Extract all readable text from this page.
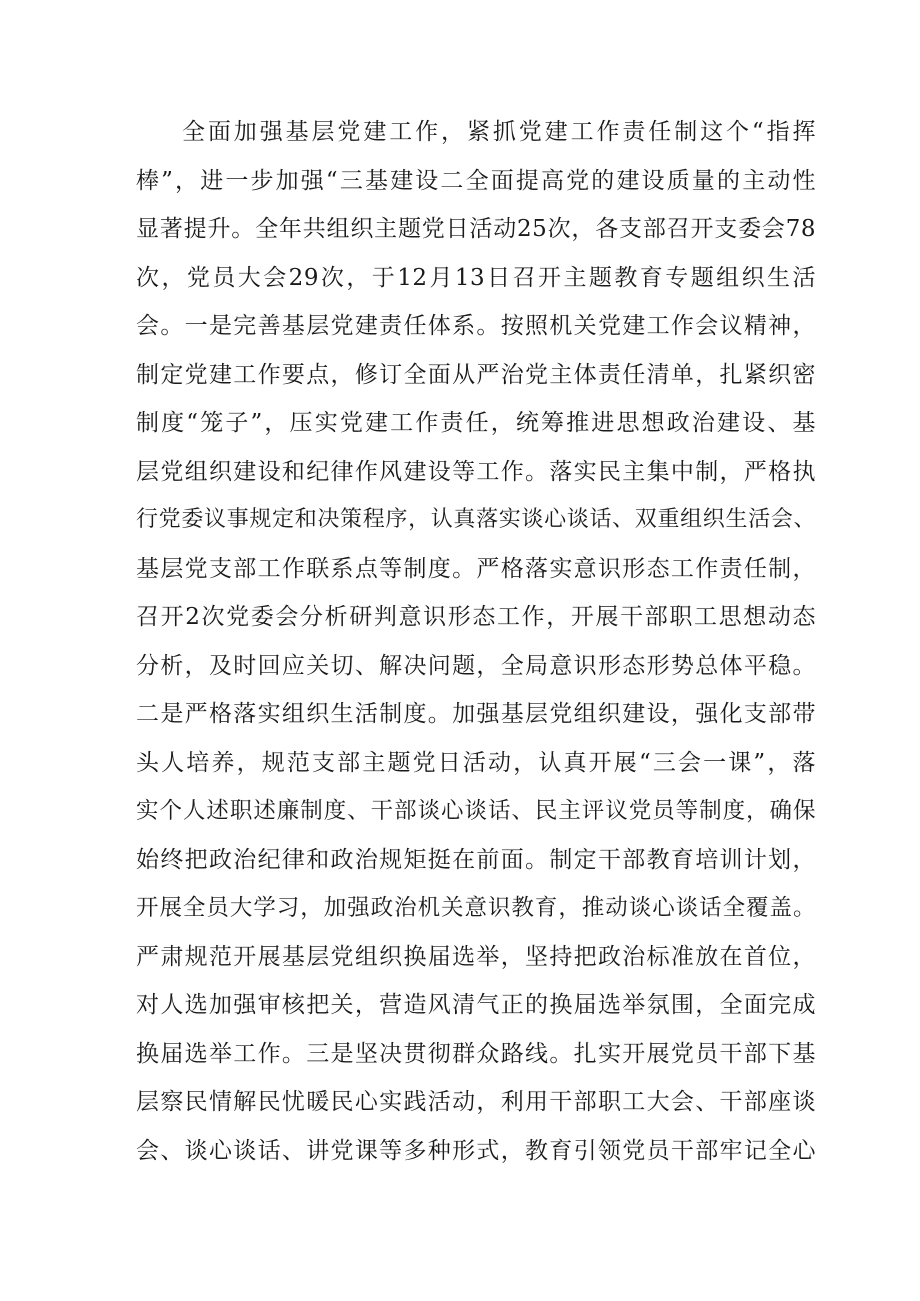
全面加强基层党建工作，紧抓党建工作责任制这个“指挥
棒”，进一步加强“三基建设二全面提高党的建设质量的主动性
显著提升。全年共组织主题党日活动25次，各支部召开支委会78
次，党员大会29次，于12月13日召开主题教育专题组织生活
会。一是完善基层党建责任体系。按照机关党建工作会议精神，
制定党建工作要点，修订全面从严治党主体责任清单，扎紧织密
制度“笼子”，压实党建工作责任，统筹推进思想政治建设、基
层党组织建设和纪律作风建设等工作。落实民主集中制，严格执
行党委议事规定和决策程序，认真落实谈心谈话、双重组织生活会、
基层党支部工作联系点等制度。严格落实意识形态工作责任制，
召开2次党委会分析研判意识形态工作，开展干部职工思想动态
分析，及时回应关切、解决问题，全局意识形态形势总体平稳。
二是严格落实组织生活制度。加强基层党组织建设，强化支部带
头人培养，规范支部主题党日活动，认真开展“三会一课”，落
实个人述职述廉制度、干部谈心谈话、民主评议党员等制度，确保
始终把政治纪律和政治规矩挺在前面。制定干部教育培训计划，
开展全员大学习，加强政治机关意识教育，推动谈心谈话全覆盖。
严肃规范开展基层党组织换届选举，坚持把政治标准放在首位，
对人选加强审核把关，营造风清气正的换届选举氛围，全面完成
换届选举工作。三是坚决贯彻群众路线。扎实开展党员干部下基
层察民情解民忧暖民心实践活动，利用干部职工大会、干部座谈
会、谈心谈话、讲党课等多种形式，教育引领党员干部牢记全心
